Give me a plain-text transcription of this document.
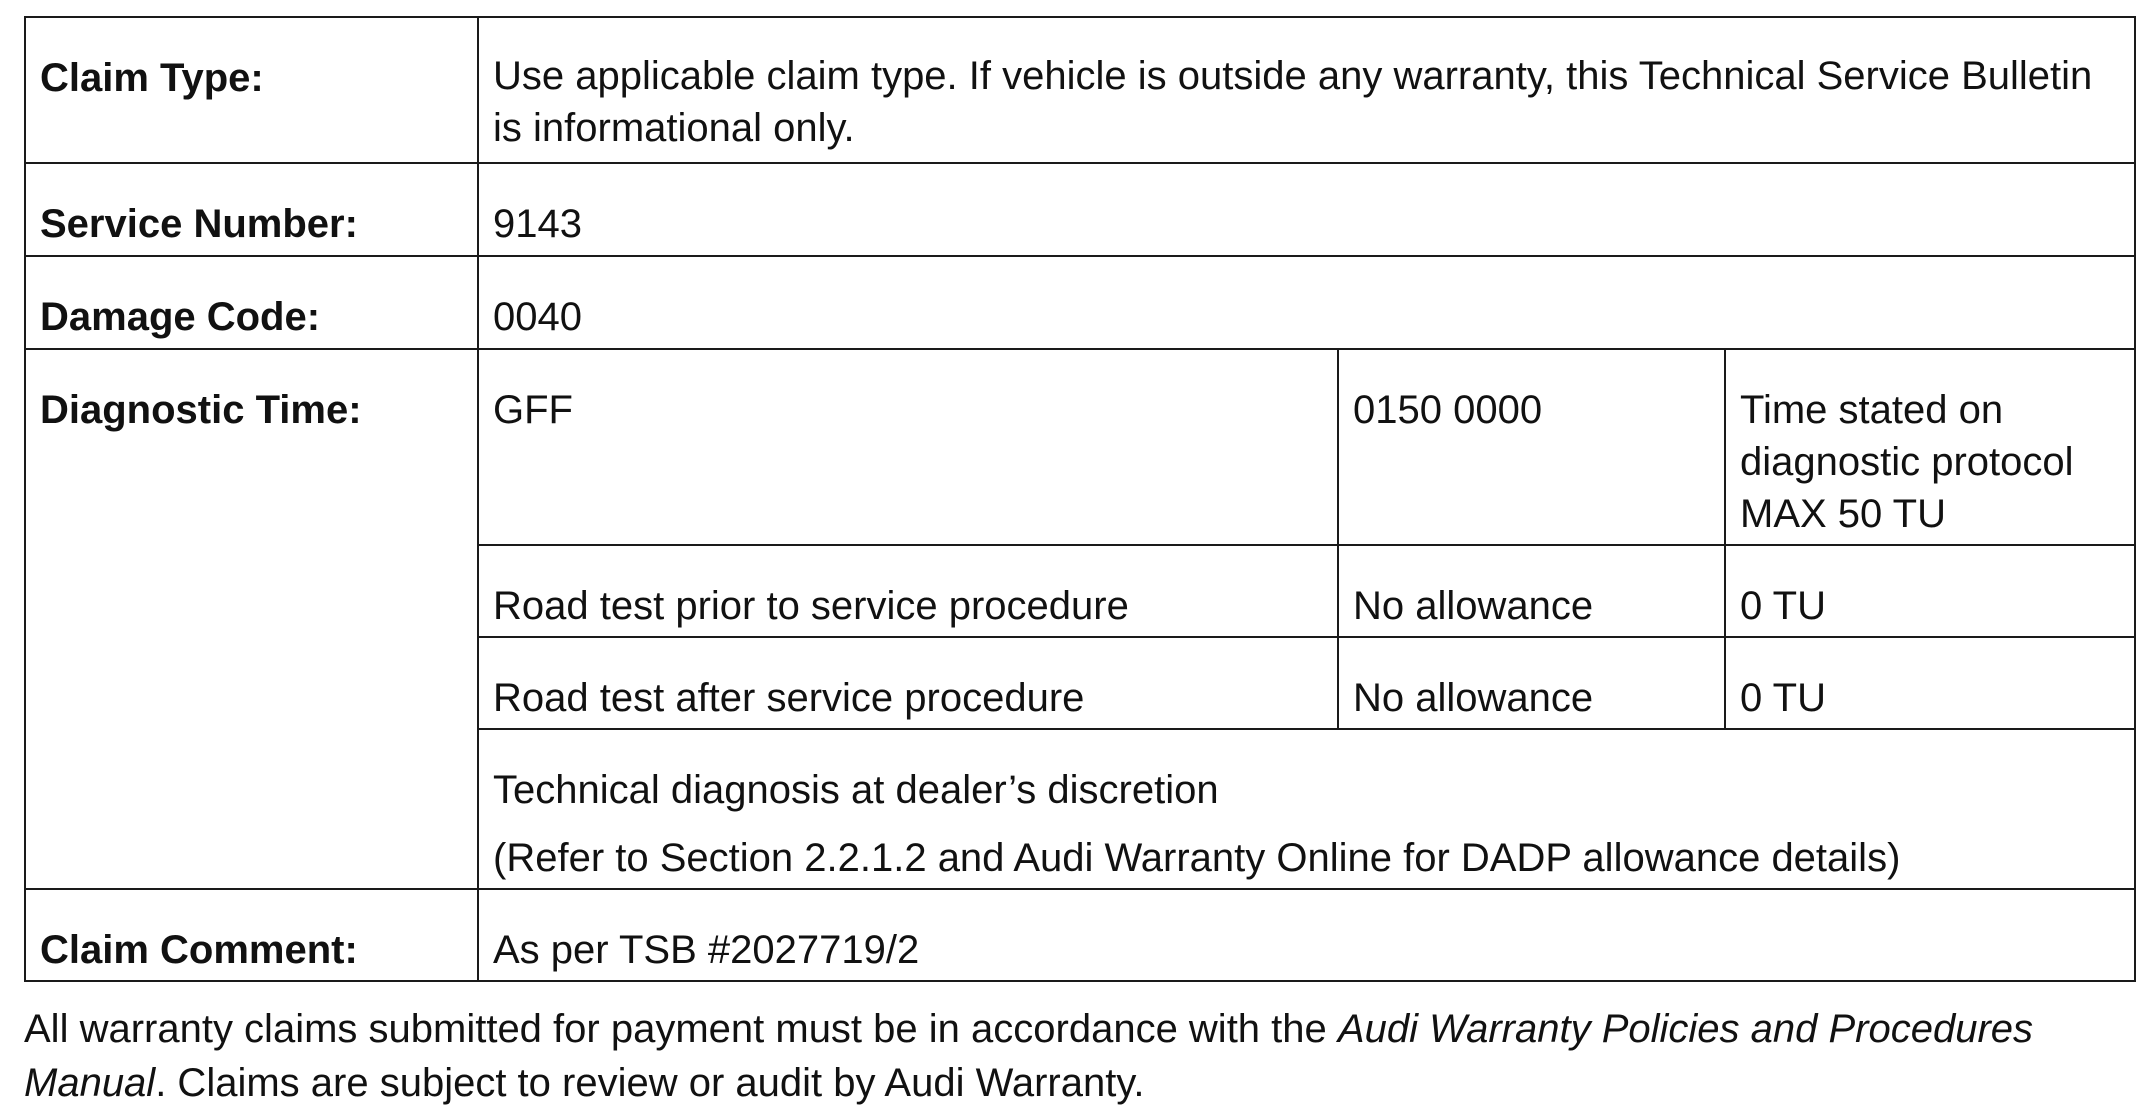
Claim Type:	Use applicable claim type. If vehicle is outside any warranty, this Technical Service Bulletin is informational only.		
Service Number:	9143		
Damage Code:	0040		
Diagnostic Time:	GFF	0150 0000	Time stated on diagnostic protocol MAX 50 TU
	Road test prior to service procedure	No allowance	0 TU
	Road test after service procedure	No allowance	0 TU

	Technical diagnosis at dealer’s discretion
(Refer to Section 2.2.1.2 and Audi Warranty Online for DADP allowance details)		

Claim Comment:	As per TSB #2027719/2		

All warranty claims submitted for payment must be in accordance with the Audi Warranty Policies and Procedures Manual. Claims are subject to review or audit by Audi Warranty.
